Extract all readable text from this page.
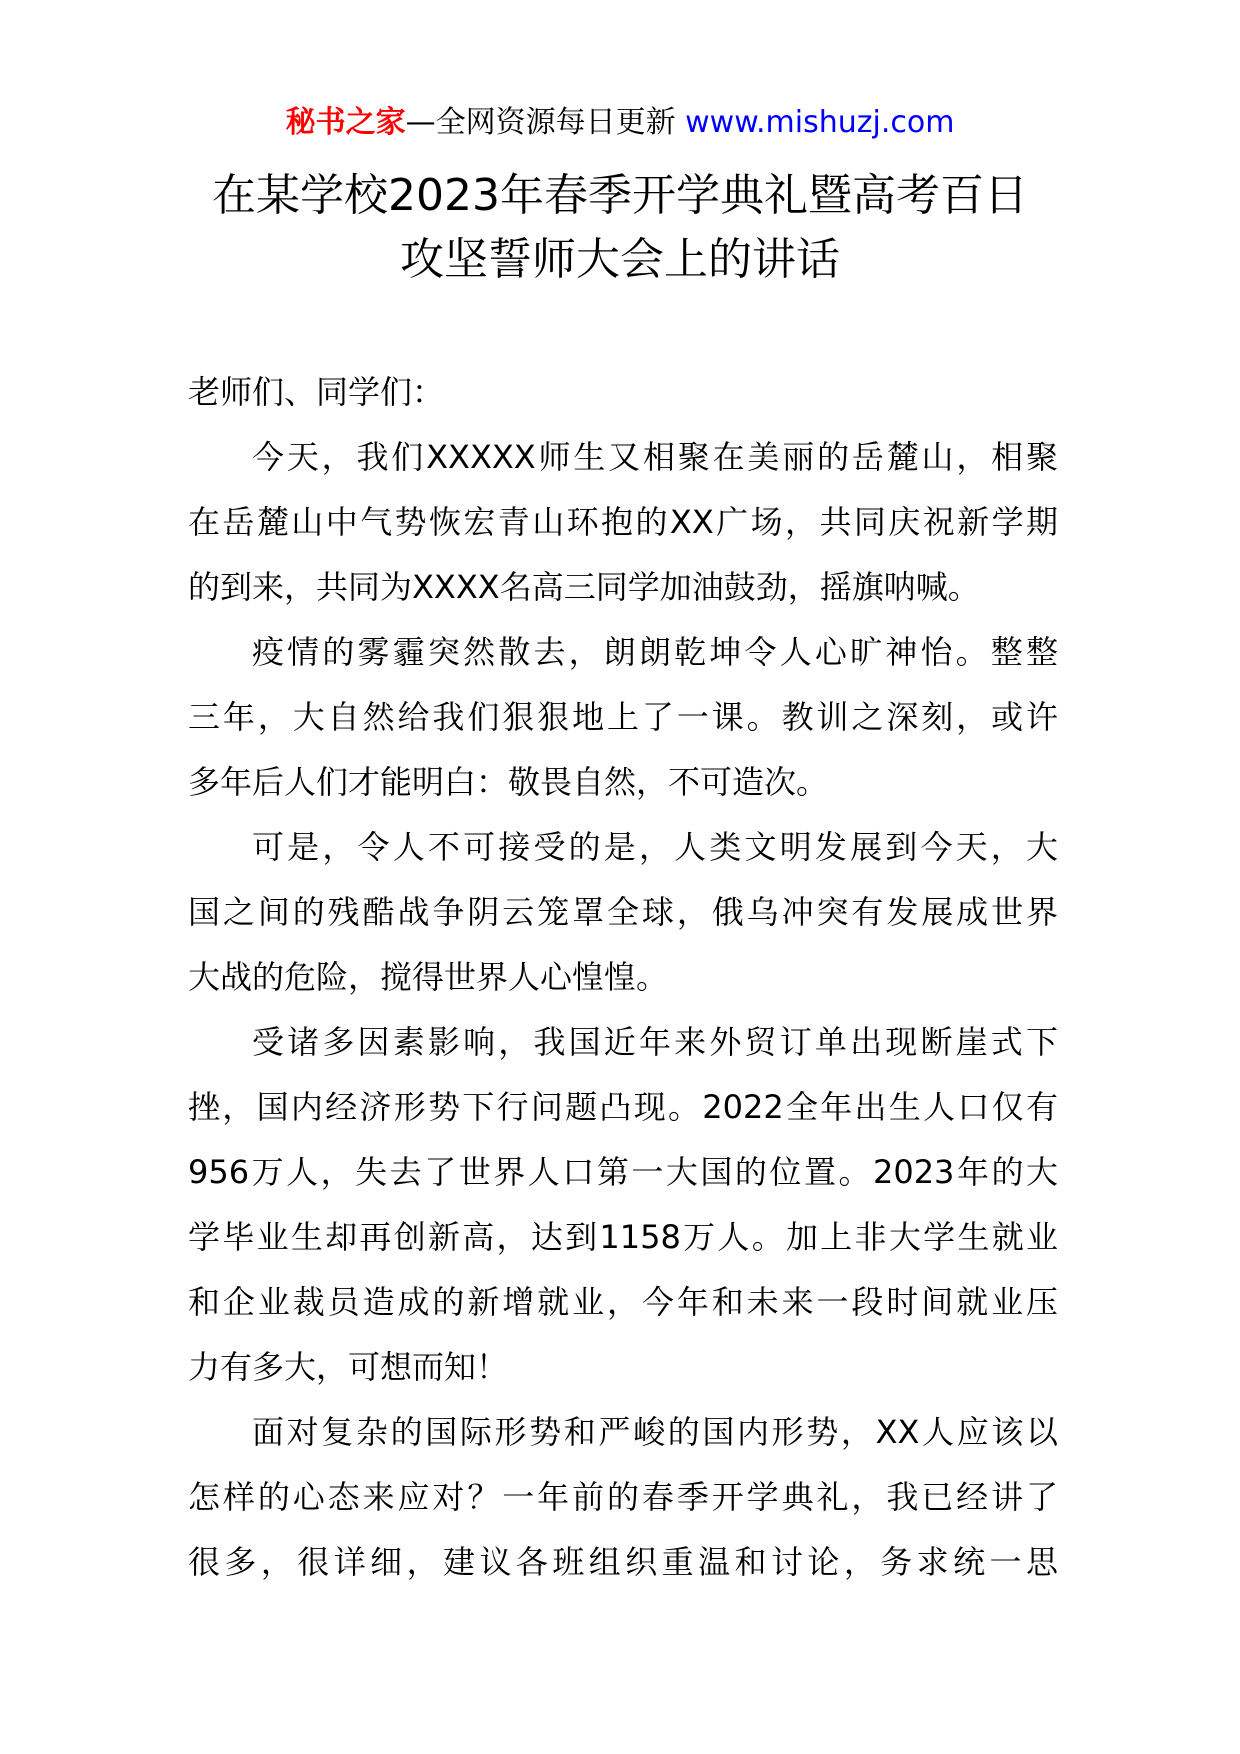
秘书之家—全网资源每日更新 www.mishuzj.com
在某学校2023年春季开学典礼暨高考百日
攻坚誓师大会上的讲话

老师们、同学们：

今天，我们XXXXX师生又相聚在美丽的岳麓山，相聚
在岳麓山中气势恢宏青山环抱的XX广场，共同庆祝新学期
的到来，共同为XXXX名高三同学加油鼓劲，摇旗呐喊。

疫情的雾霾突然散去，朗朗乾坤令人心旷神怡。整整
三年，大自然给我们狠狠地上了一课。教训之深刻，或许
多年后人们才能明白：敬畏自然，不可造次。

可是，令人不可接受的是，人类文明发展到今天，大
国之间的残酷战争阴云笼罩全球，俄乌冲突有发展成世界
大战的危险，搅得世界人心惶惶。

受诸多因素影响，我国近年来外贸订单出现断崖式下
挫，国内经济形势下行问题凸现。2022全年出生人口仅有
956万人，失去了世界人口第一大国的位置。2023年的大
学毕业生却再创新高，达到1158万人。加上非大学生就业
和企业裁员造成的新增就业，今年和未来一段时间就业压
力有多大，可想而知！

面对复杂的国际形势和严峻的国内形势，XX人应该以
怎样的心态来应对？一年前的春季开学典礼，我已经讲了
很多，很详细，建议各班组织重温和讨论，务求统一思
